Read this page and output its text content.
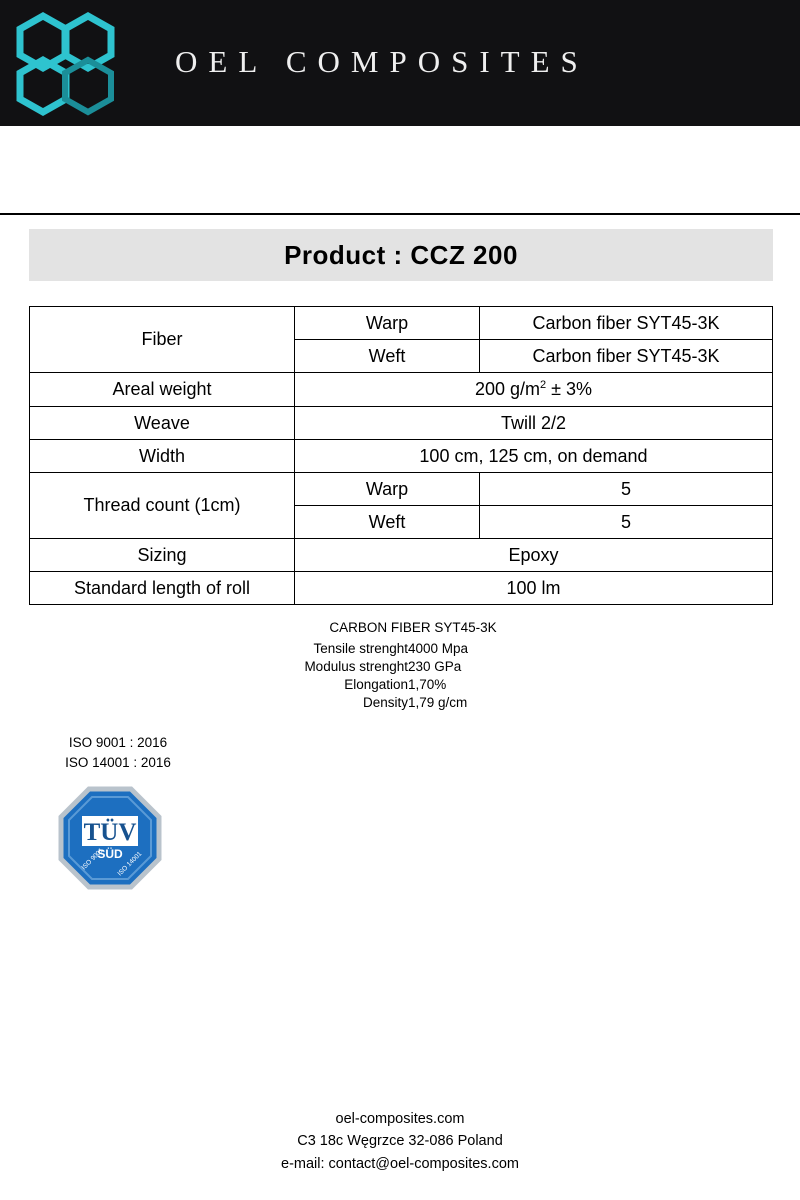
OEL COMPOSITES
Product : CCZ 200
Fiber	Warp	Carbon fiber SYT45-3K
	Weft	Carbon fiber SYT45-3K
Areal weight	200 $g/m^2 \pm 3\%$	
Weave	Twill 2/2	
Width	100 cm, 125 cm, on demand	
Thread count (1cm)	Warp	5
	Weft	5
Sizing	Epoxy	
Standard length of roll	100 lm	
CARBON FIBER SYT45-3K
Tensile strenght	4000 Mpa
Modulus strenght	230 GPa
Elongation	1,70%
Density	1,79 g/cm
ISO 9001 : 2016
ISO 14001 : 2016
TÜV
SÜD
ISO 9001 ISO 14001
oel-composites.com
C3 18c Węgrzce 32-086 Poland
e-mail: contact@oel-composites.com
